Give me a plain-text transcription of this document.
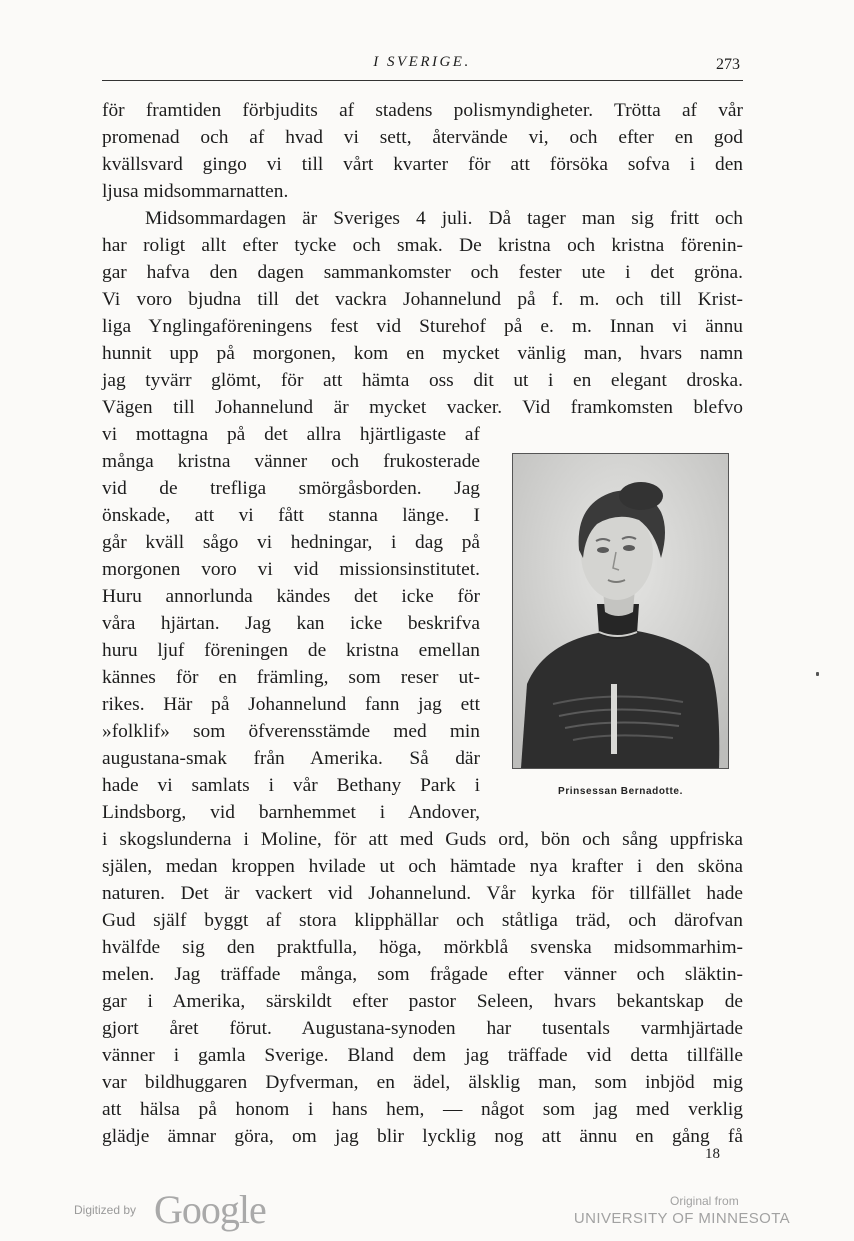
I SVERIGE.	273
för framtiden förbjudits af stadens polismyndigheter. Trötta af vår
promenad och af hvad vi sett, återvände vi, och efter en god
kvällsvard gingo vi till vårt kvarter för att försöka sofva i den
ljusa midsommarnatten.
Midsommardagen är Sveriges 4 juli. Då tager man sig fritt och
har roligt allt efter tycke och smak. De kristna och kristna förenin-
gar hafva den dagen sammankomster och fester ute i det gröna.
Vi voro bjudna till det vackra Johannelund på f. m. och till Krist-
liga Ynglingaföreningens fest vid Sturehof på e. m. Innan vi ännu
hunnit upp på morgonen, kom en mycket vänlig man, hvars namn
jag tyvärr glömt, för att hämta oss dit ut i en elegant droska.
Vägen till Johannelund är mycket vacker. Vid framkomsten blefvo
vi mottagna på det allra hjärtligaste af
många kristna vänner och frukosterade
vid de trefliga smörgåsborden. Jag
önskade, att vi fått stanna länge. I
går kväll sågo vi hedningar, i dag på
morgonen voro vi vid missionsinstitutet.
Huru annorlunda kändes det icke för
våra hjärtan. Jag kan icke beskrifva
huru ljuf föreningen de kristna emellan
kännes för en främling, som reser ut-
rikes. Här på Johannelund fann jag ett
»folklif» som öfverensstämde med min
augustana-smak från Amerika. Så där
hade vi samlats i vår Bethany Park i
Lindsborg, vid barnhemmet i Andover,
i skogslunderna i Moline, för att med Guds ord, bön och sång uppfriska
själen, medan kroppen hvilade ut och hämtade nya krafter i den sköna
naturen. Det är vackert vid Johannelund. Vår kyrka för tillfället hade
Gud själf byggt af stora klipphällar och ståtliga träd, och därofvan
hvälfde sig den praktfulla, höga, mörkblå svenska midsommarhim-
melen. Jag träffade många, som frågade efter vänner och släktin-
gar i Amerika, särskildt efter pastor Seleen, hvars bekantskap de
gjort året förut. Augustana-synoden har tusentals varmhjärtade
vänner i gamla Sverige. Bland dem jag träffade vid detta tillfälle
var bildhuggaren Dyfverman, en ädel, älsklig man, som inbjöd mig
att hälsa på honom i hans hem, — något som jag med verklig
glädje ämnar göra, om jag blir lycklig nog att ännu en gång få
Prinsessan Bernadotte.
18
Digitized by Google	Original from
UNIVERSITY OF MINNESOTA
